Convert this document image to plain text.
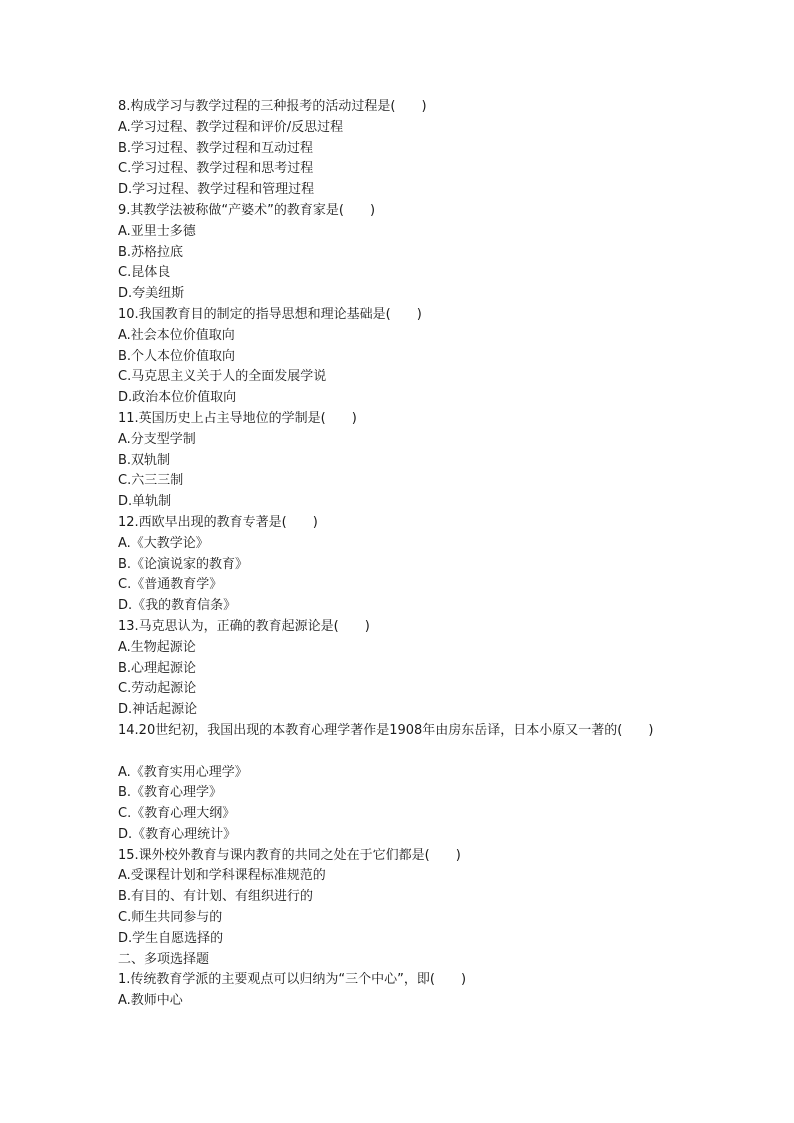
8.构成学习与教学过程的三种报考的活动过程是(　　)
A.学习过程、教学过程和评价/反思过程
B.学习过程、教学过程和互动过程
C.学习过程、教学过程和思考过程
D.学习过程、教学过程和管理过程
9.其教学法被称做“产婆术”的教育家是(　　)
A.亚里士多德
B.苏格拉底
C.昆体良
D.夸美纽斯
10.我国教育目的制定的指导思想和理论基础是(　　)
A.社会本位价值取向
B.个人本位价值取向
C.马克思主义关于人的全面发展学说
D.政治本位价值取向
11.英国历史上占主导地位的学制是(　　)
A.分支型学制
B.双轨制
C.六三三制
D.单轨制
12.西欧早出现的教育专著是(　　)
A.《大教学论》
B.《论演说家的教育》
C.《普通教育学》
D.《我的教育信条》
13.马克思认为，正确的教育起源论是(　　)
A.生物起源论
B.心理起源论
C.劳动起源论
D.神话起源论
14.20世纪初，我国出现的本教育心理学著作是1908年由房东岳译，日本小原又一著的(　　)
A.《教育实用心理学》
B.《教育心理学》
C.《教育心理大纲》
D.《教育心理统计》
15.课外校外教育与课内教育的共同之处在于它们都是(　　)
A.受课程计划和学科课程标准规范的
B.有目的、有计划、有组织进行的
C.师生共同参与的
D.学生自愿选择的
二、多项选择题
1.传统教育学派的主要观点可以归纳为“三个中心”，即(　　)
A.教师中心
